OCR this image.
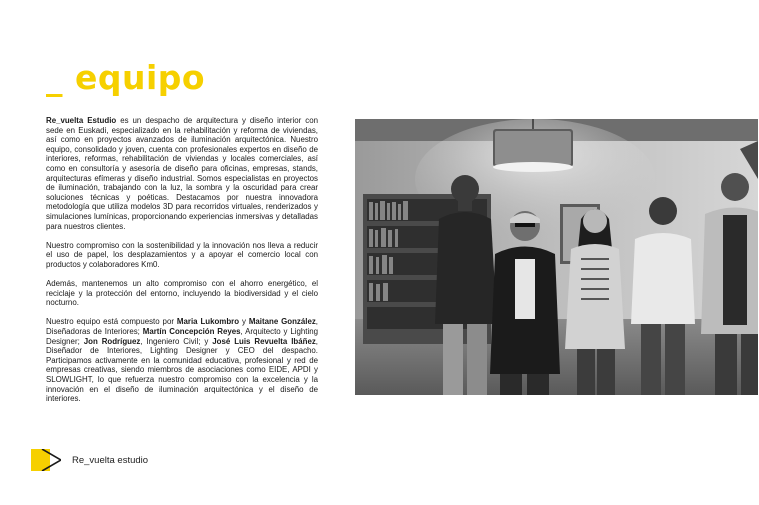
_ equipo

Re_vuelta Estudio es un despacho de arquitectura y diseño interior con sede en Euskadi, especializado en la rehabilitación y reforma de viviendas, así como en proyectos avanzados de iluminación arquitectónica. Nuestro equipo, consolidado y joven, cuenta con profesionales expertos en diseño de interiores, reformas, rehabilitación de viviendas y locales comerciales, así como en consultoría y asesoría de diseño para oficinas, empresas, stands, arquitecturas efímeras y diseño industrial. Somos especialistas en proyectos de iluminación, trabajando con la luz, la sombra y la oscuridad para crear soluciones técnicas y poéticas. Destacamos por nuestra innovadora metodología que utiliza modelos 3D para recorridos virtuales, renderizados y simulaciones lumínicas, proporcionando experiencias inmersivas y detalladas para nuestros clientes.

Nuestro compromiso con la sostenibilidad y la innovación nos lleva a reducir el uso de papel, los desplazamientos y a apoyar el comercio local con productos y colaboradores Km0.

Además, mantenemos un alto compromiso con el ahorro energético, el reciclaje y la protección del entorno, incluyendo la biodiversidad y el cielo nocturno.

Nuestro equipo está compuesto por Maria Lukombro y Maitane González, Diseñadoras de Interiores; Martín Concepción Reyes, Arquitecto y Lighting Designer; Jon Rodríguez, Ingeniero Civil; y José Luis Revuelta Ibáñez, Diseñador de Interiores, Lighting Designer y CEO del despacho. Participamos activamente en la comunidad educativa, profesional y red de empresas creativas, siendo miembros de asociaciones como EIDE, APDI y SLOWLIGHT, lo que refuerza nuestro compromiso con la excelencia y la innovación en el diseño de iluminación arquitectónica y el diseño de interiores.

Re_vuelta estudio
